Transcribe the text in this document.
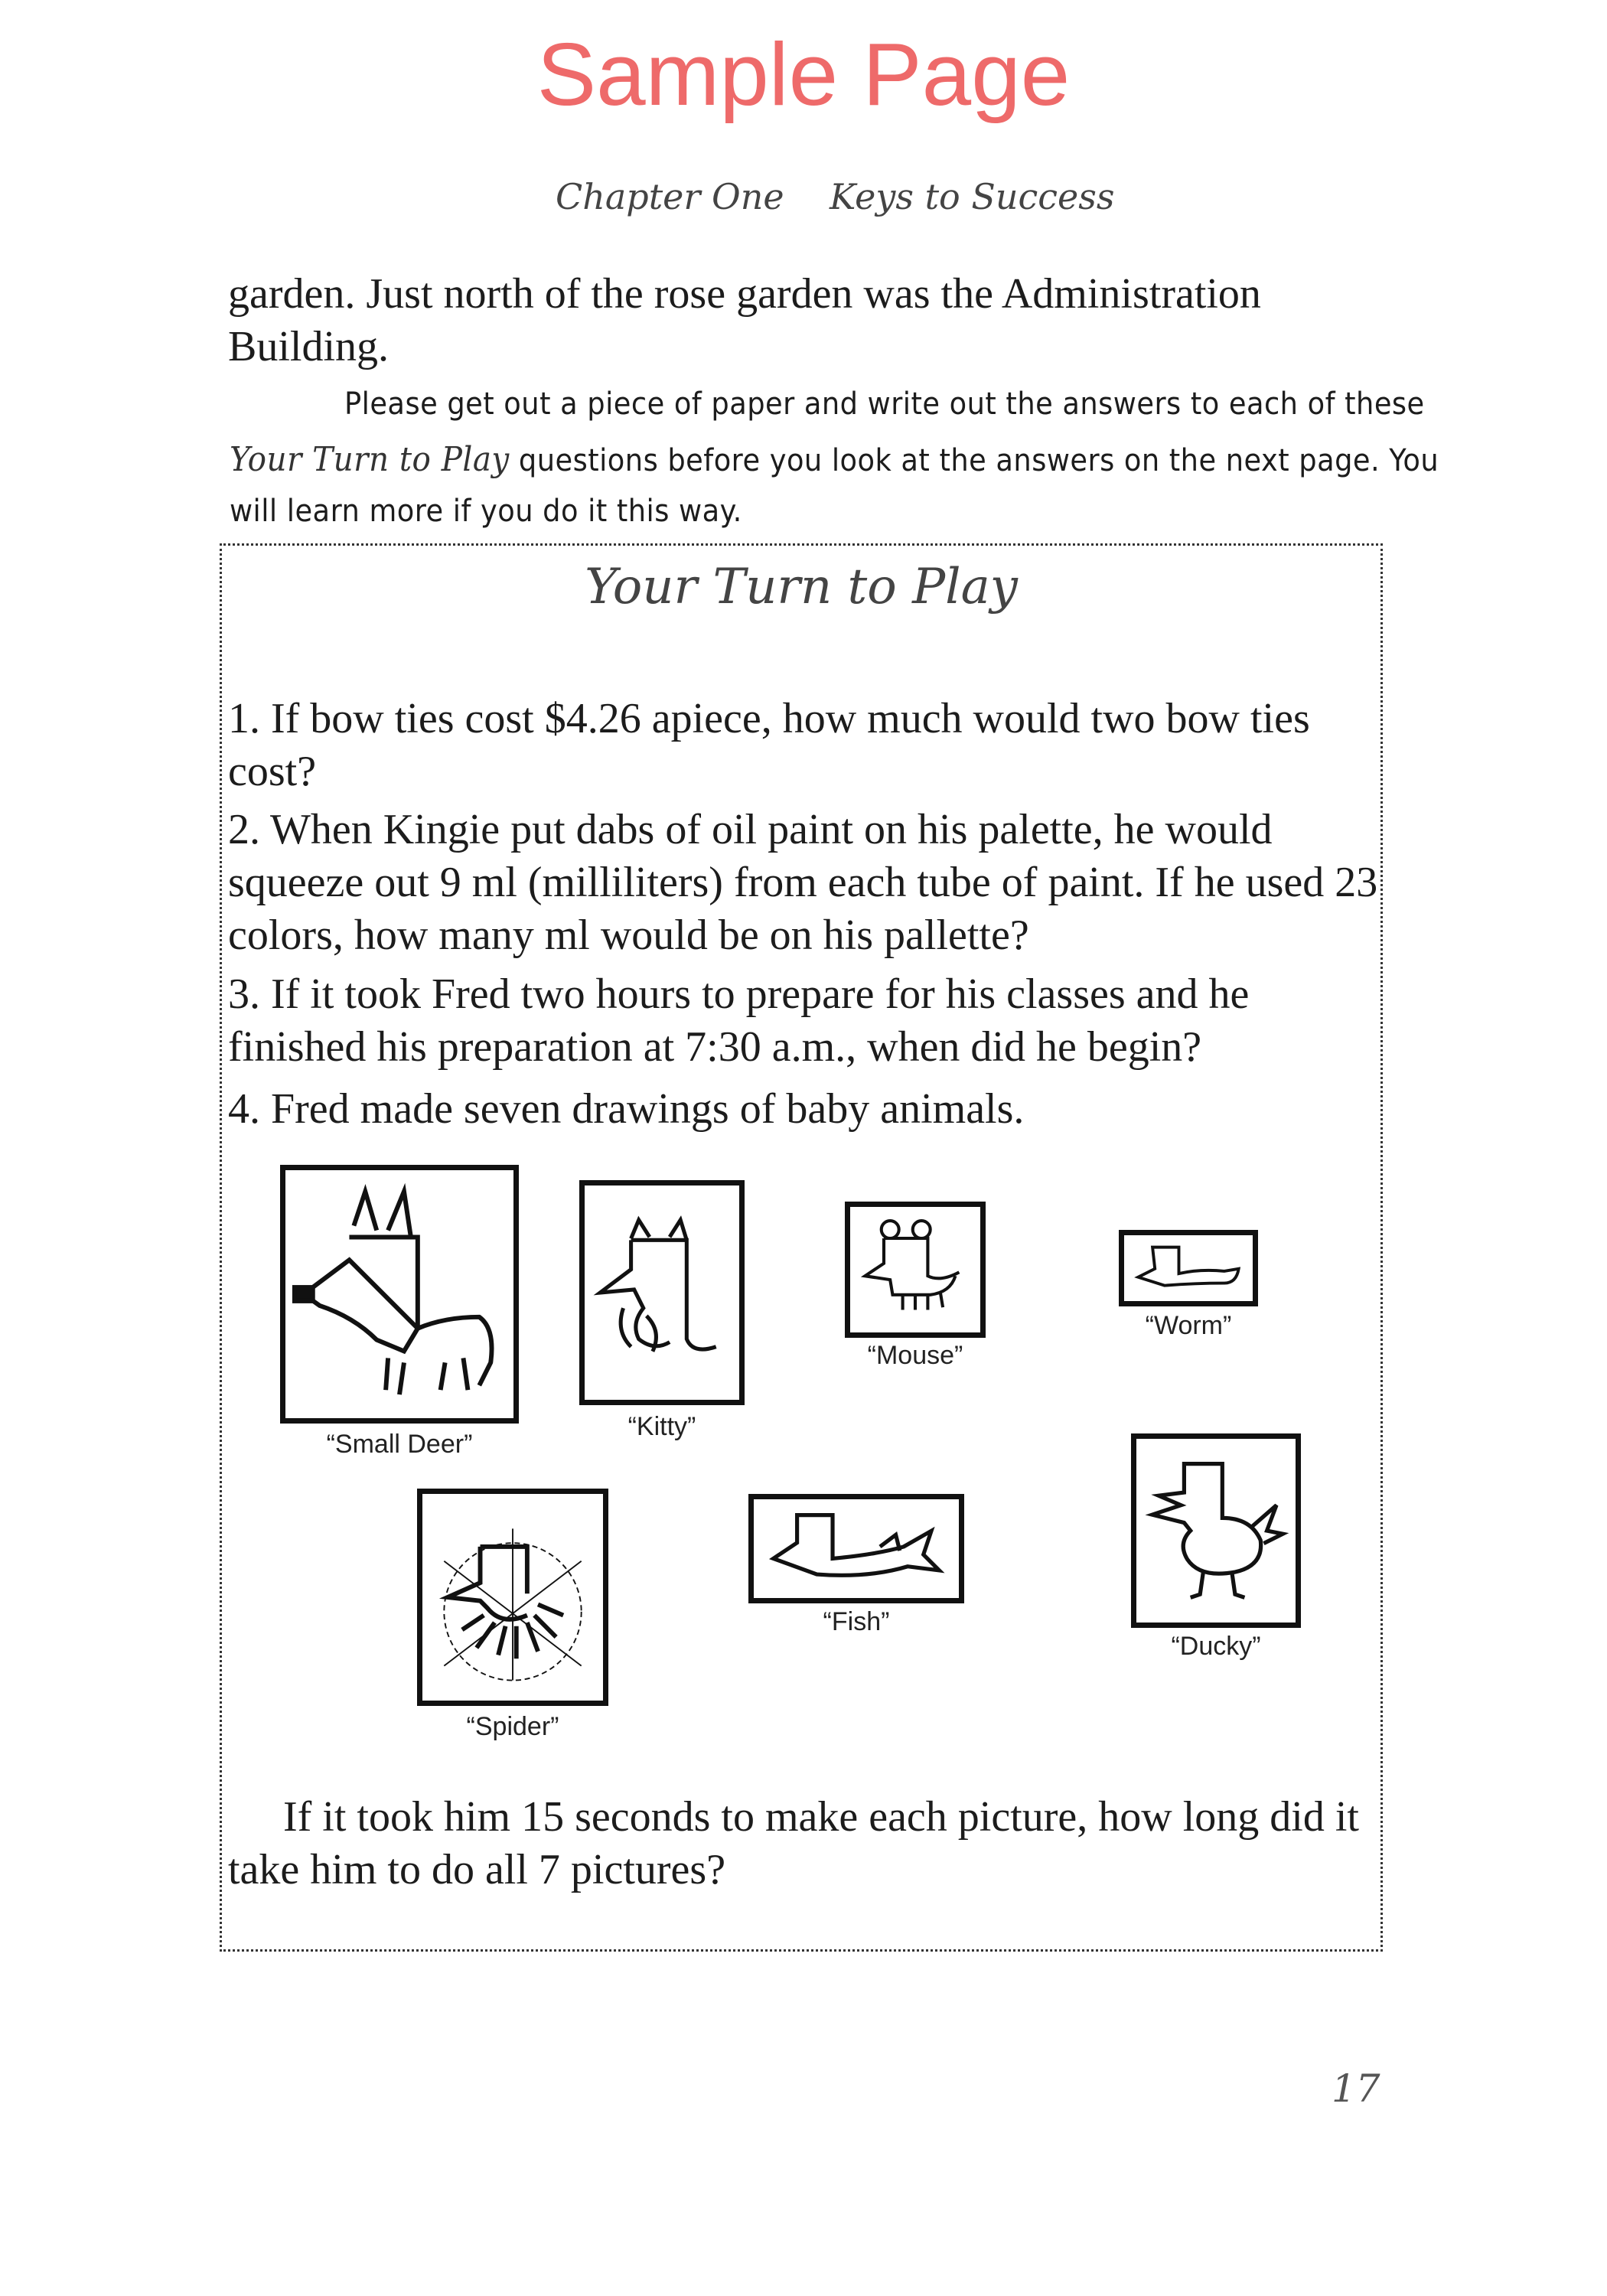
Sample Page
Chapter One Keys to Success
garden. Just north of the rose garden was the Administration Building.
Please get out a piece of paper and write out the answers to each of these
Your Turn to Play questions before you look at the answers on the next page. You
will learn more if you do it this way.
Your Turn to Play
1. If bow ties cost $4.26 apiece, how much would two bow ties cost?
2. When Kingie put dabs of oil paint on his palette, he would squeeze out 9 ml (milliliters) from each tube of paint. If he used 23 colors, how many ml would be on his pallette?
3. If it took Fred two hours to prepare for his classes and he finished his preparation at 7:30 a.m., when did he begin?
4. Fred made seven drawings of baby animals.
“Small Deer”
“Kitty”
“Mouse”
“Worm”
“Spider”
“Fish”
“Ducky”
If it took him 15 seconds to make each picture, how long did it take him to do all 7 pictures?
17
